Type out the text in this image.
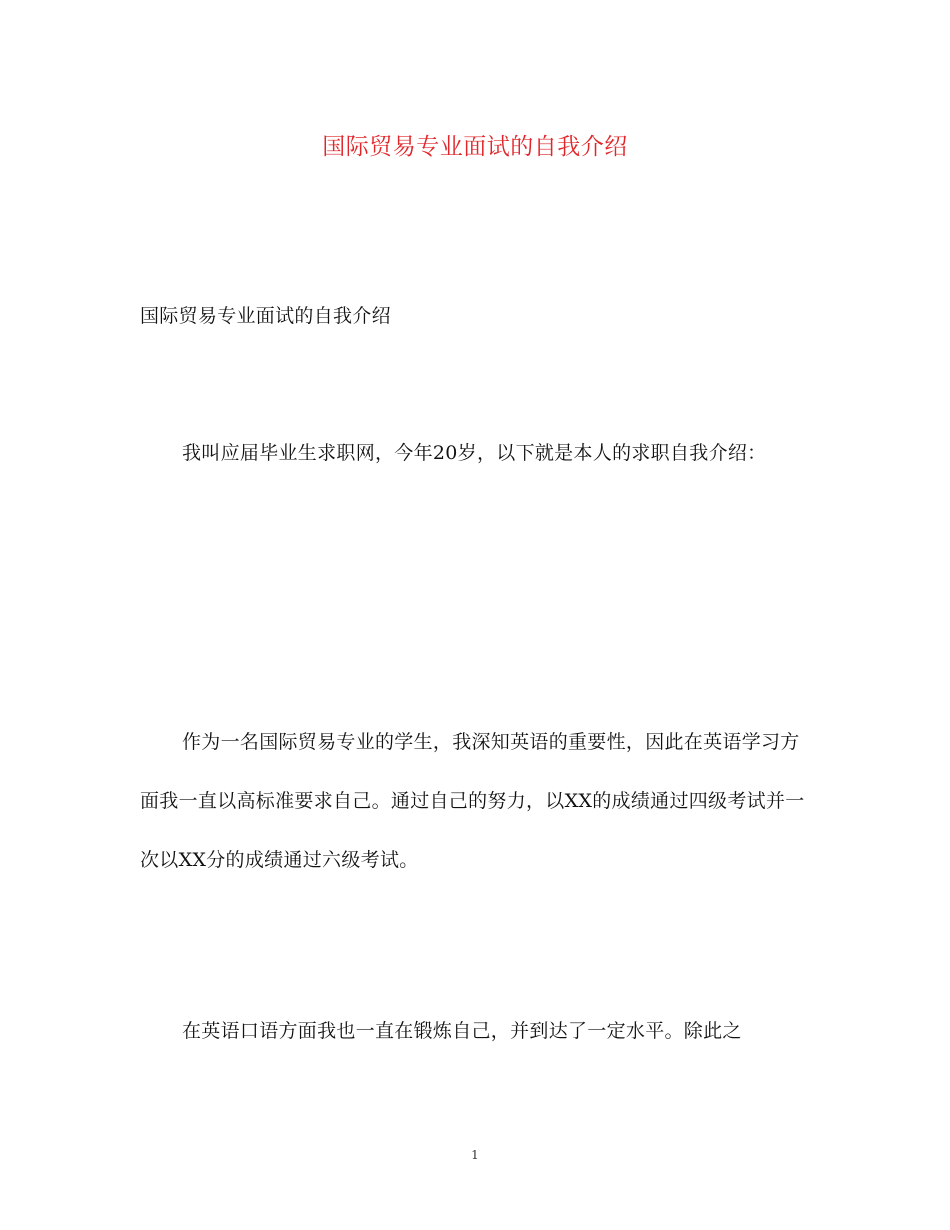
国际贸易专业面试的自我介绍

国际贸易专业面试的自我介绍

我叫应届毕业生求职网，今年20岁，以下就是本人的求职自我介绍：

作为一名国际贸易专业的学生，我深知英语的重要性，因此在英语学习方面我一直以高标准要求自己。通过自己的努力，以XX的成绩通过四级考试并一次以XX分的成绩通过六级考试。

在英语口语方面我也一直在锻炼自己，并到达了一定水平。除此之

1
